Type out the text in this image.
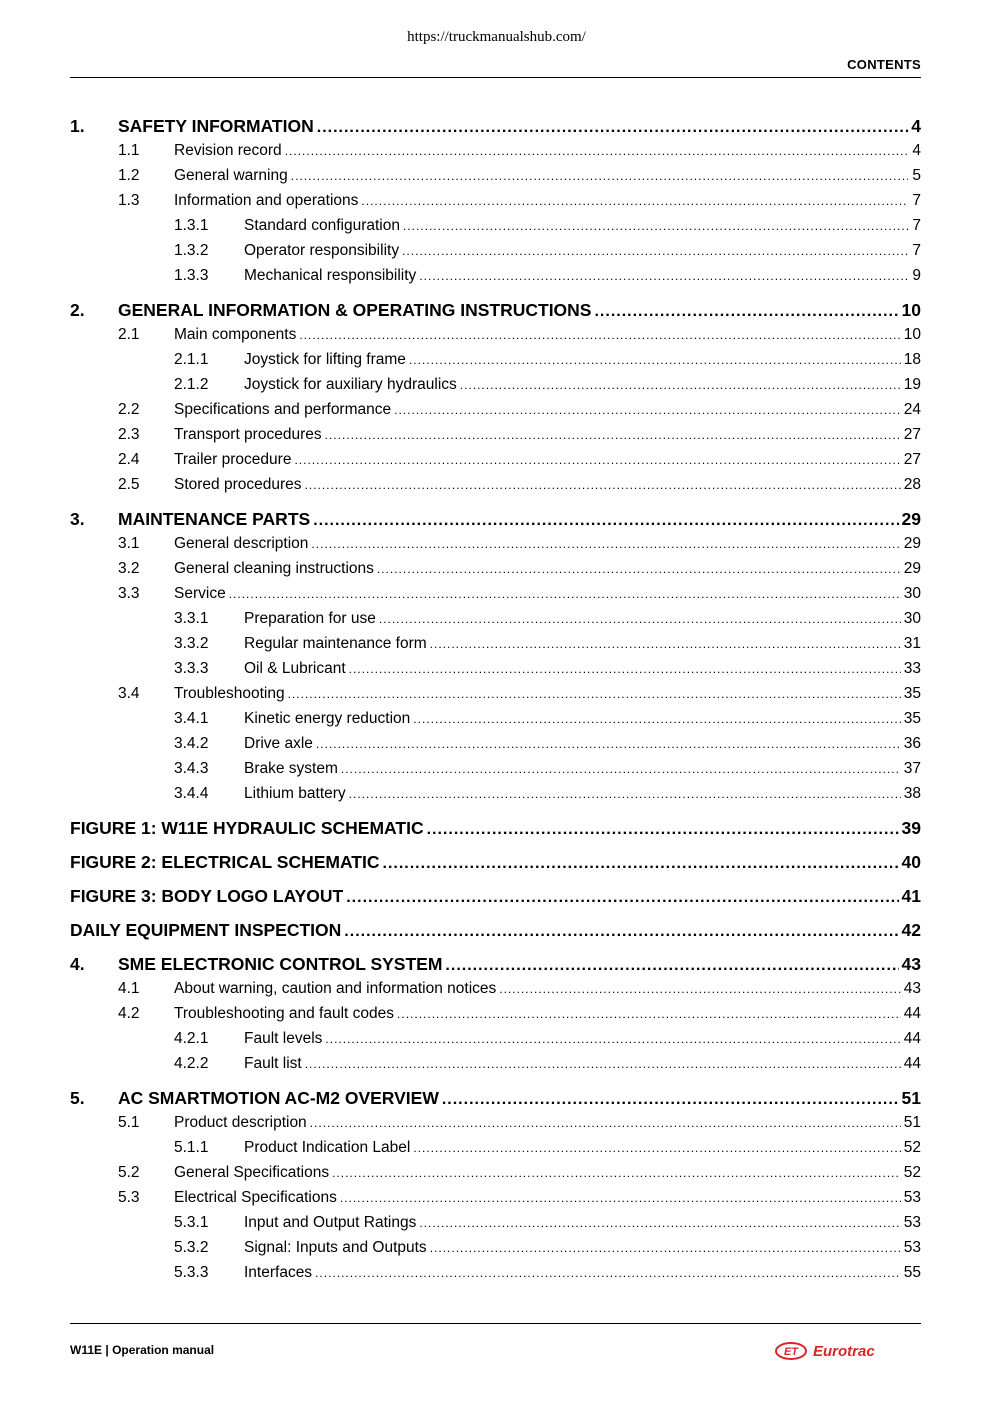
https://truckmanualshub.com/
CONTENTS
1.	SAFETY INFORMATION .....	4
1.1	Revision record .....	4
1.2	General warning .....	5
1.3	Information and operations .....	7
1.3.1	Standard configuration .....	7
1.3.2	Operator responsibility .....	7
1.3.3	Mechanical responsibility .....	9
2.	GENERAL INFORMATION & OPERATING INSTRUCTIONS .....	10
2.1	Main components .....	10
2.1.1	Joystick for lifting frame .....	18
2.1.2	Joystick for auxiliary hydraulics .....	19
2.2	Specifications and performance .....	24
2.3	Transport procedures .....	27
2.4	Trailer procedure .....	27
2.5	Stored procedures .....	28
3.	MAINTENANCE PARTS .....	29
3.1	General description .....	29
3.2	General cleaning instructions .....	29
3.3	Service .....	30
3.3.1	Preparation for use .....	30
3.3.2	Regular maintenance form .....	31
3.3.3	Oil & Lubricant .....	33
3.4	Troubleshooting .....	35
3.4.1	Kinetic energy reduction .....	35
3.4.2	Drive axle .....	36
3.4.3	Brake system .....	37
3.4.4	Lithium battery .....	38
FIGURE 1: W11E HYDRAULIC SCHEMATIC .....	39
FIGURE 2: ELECTRICAL SCHEMATIC .....	40
FIGURE 3: BODY LOGO LAYOUT .....	41
DAILY EQUIPMENT INSPECTION .....	42
4.	SME ELECTRONIC CONTROL SYSTEM .....	43
4.1	About warning, caution and information notices .....	43
4.2	Troubleshooting and fault codes .....	44
4.2.1	Fault levels .....	44
4.2.2	Fault list .....	44
5.	AC SMARTMOTION AC-M2 OVERVIEW .....	51
5.1	Product description .....	51
5.1.1	Product Indication Label .....	52
5.2	General Specifications .....	52
5.3	Electrical Specifications .....	53
5.3.1	Input and Output Ratings .....	53
5.3.2	Signal: Inputs and Outputs .....	53
5.3.3	Interfaces .....	55
W11E | Operation manual	ET Eurotrac
